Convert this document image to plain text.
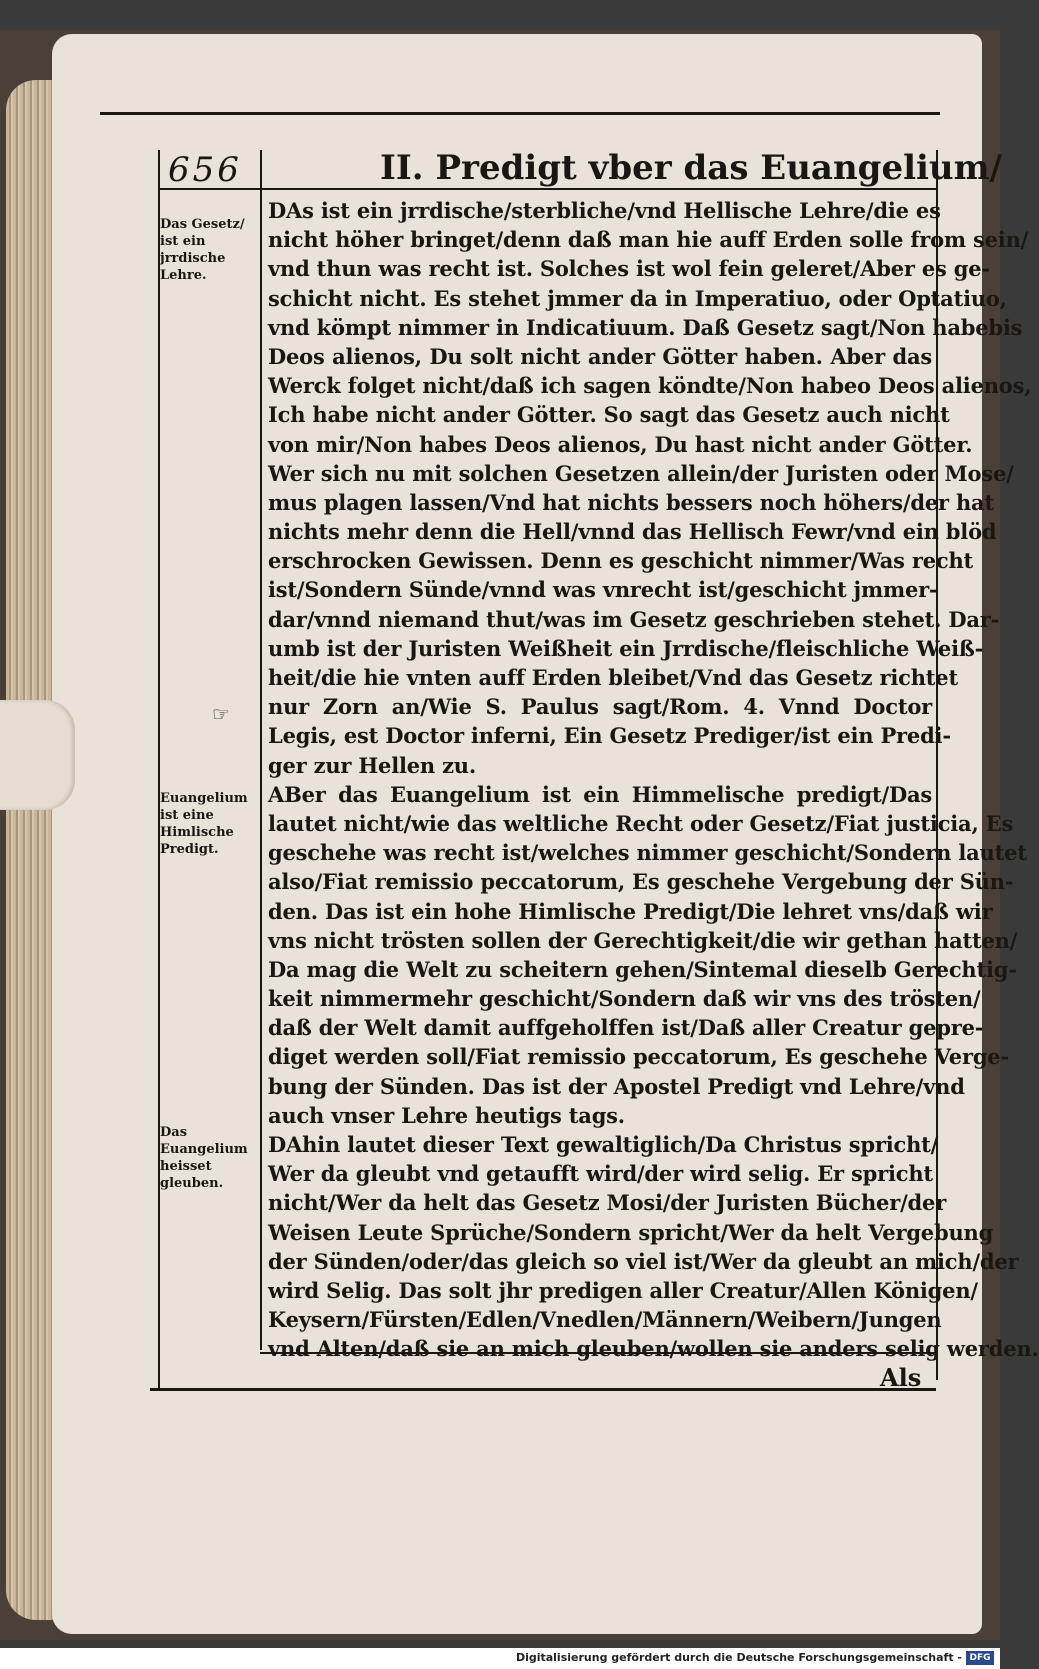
656	II. Predigt vber das Euangelium/
Das Gesetz/ ist ein jrrdische Lehre.
☞
Euangelium ist eine Himlische Predigt.
Das Euangelium heisset gleuben.
DAs ist ein jrrdische/sterbliche/vnd Hellische Lehre/die es
nicht höher bringet/denn daß man hie auff Erden solle from sein/
vnd thun was recht ist. Solches ist wol fein geleret/Aber es ge-
schicht nicht. Es stehet jmmer da in Imperatiuo, oder Optatiuo,
vnd kömpt nimmer in Indicatiuum. Daß Gesetz sagt/Non habebis
Deos alienos, Du solt nicht ander Götter haben. Aber das
Werck folget nicht/daß ich sagen köndte/Non habeo Deos alienos,
Ich habe nicht ander Götter. So sagt das Gesetz auch nicht
von mir/Non habes Deos alienos, Du hast nicht ander Götter.
Wer sich nu mit solchen Gesetzen allein/der Juristen oder Mose/
mus plagen lassen/Vnd hat nichts bessers noch höhers/der hat
nichts mehr denn die Hell/vnnd das Hellisch Fewr/vnd ein blöd
erschrocken Gewissen. Denn es geschicht nimmer/Was recht
ist/Sondern Sünde/vnnd was vnrecht ist/geschicht jmmer-
dar/vnnd niemand thut/was im Gesetz geschrieben stehet. Dar-
umb ist der Juristen Weißheit ein Jrrdische/fleischliche Weiß-
heit/die hie vnten auff Erden bleibet/Vnd das Gesetz richtet
nur Zorn an/Wie S. Paulus sagt/Rom. 4. Vnnd Doctor
Legis, est Doctor inferni, Ein Gesetz Prediger/ist ein Predi-
ger zur Hellen zu.
ABer das Euangelium ist ein Himmelische predigt/Das
lautet nicht/wie das weltliche Recht oder Gesetz/Fiat justicia, Es
geschehe was recht ist/welches nimmer geschicht/Sondern lautet
also/Fiat remissio peccatorum, Es geschehe Vergebung der Sün-
den. Das ist ein hohe Himlische Predigt/Die lehret vns/daß wir
vns nicht trösten sollen der Gerechtigkeit/die wir gethan hatten/
Da mag die Welt zu scheitern gehen/Sintemal dieselb Gerechtig-
keit nimmermehr geschicht/Sondern daß wir vns des trösten/
daß der Welt damit auffgeholffen ist/Daß aller Creatur gepre-
diget werden soll/Fiat remissio peccatorum, Es geschehe Verge-
bung der Sünden. Das ist der Apostel Predigt vnd Lehre/vnd
auch vnser Lehre heutigs tags.
DAhin lautet dieser Text gewaltiglich/Da Christus spricht/
Wer da gleubt vnd getaufft wird/der wird selig. Er spricht
nicht/Wer da helt das Gesetz Mosi/der Juristen Bücher/der
Weisen Leute Sprüche/Sondern spricht/Wer da helt Vergebung
der Sünden/oder/das gleich so viel ist/Wer da gleubt an mich/der
wird Selig. Das solt jhr predigen aller Creatur/Allen Königen/
Keysern/Fürsten/Edlen/Vnedlen/Männern/Weibern/Jungen
vnd Alten/daß sie an mich gleuben/wollen sie anders selig werden.
Als
Digitalisierung gefördert durch die Deutsche Forschungsgemeinschaft - DFG
